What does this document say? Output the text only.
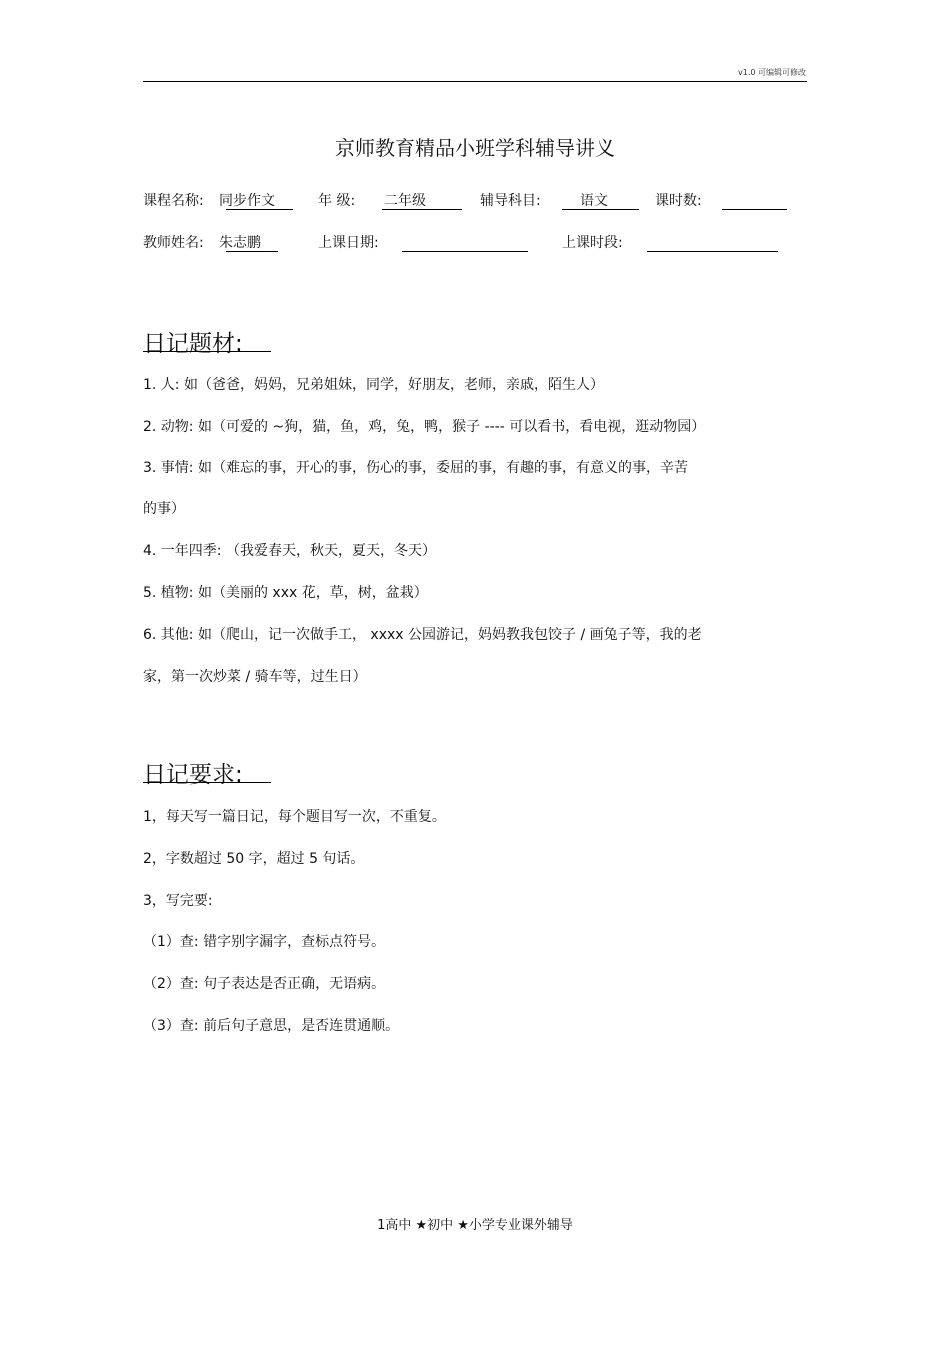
v1.0 可编辑可修改
京师教育精品小班学科辅导讲义
课程名称: 同步作文	年 级: 二年级	辅导科目:	语文	课时数:
教师姓名: 朱志鹏	上课日期:	上课时段:
日记题材:
1. 人: 如（爸爸，妈妈，兄弟姐妹，同学，好朋友，老师，亲戚，陌生人）
2. 动物: 如（可爱的 ~狗，猫，鱼，鸡，兔，鸭，猴子 ---- 可以看书，看电视，逛动物园）
3. 事情: 如（难忘的事，开心的事，伤心的事，委屈的事，有趣的事，有意义的事，辛苦
的事）
4. 一年四季: （我爱春天，秋天，夏天，冬天）
5. 植物: 如（美丽的 xxx 花，草，树，盆栽）
6. 其他: 如（爬山，记一次做手工， xxxx 公园游记，妈妈教我包饺子 / 画兔子等，我的老
家，第一次炒菜 / 骑车等，过生日）
日记要求:
1，每天写一篇日记，每个题目写一次，不重复。
2，字数超过 50 字，超过 5 句话。
3，写完要:
（1）查: 错字别字漏字，查标点符号。
（2）查: 句子表达是否正确，无语病。
（3）查: 前后句子意思，是否连贯通顺。
1高中 ★初中 ★小学专业课外辅导
